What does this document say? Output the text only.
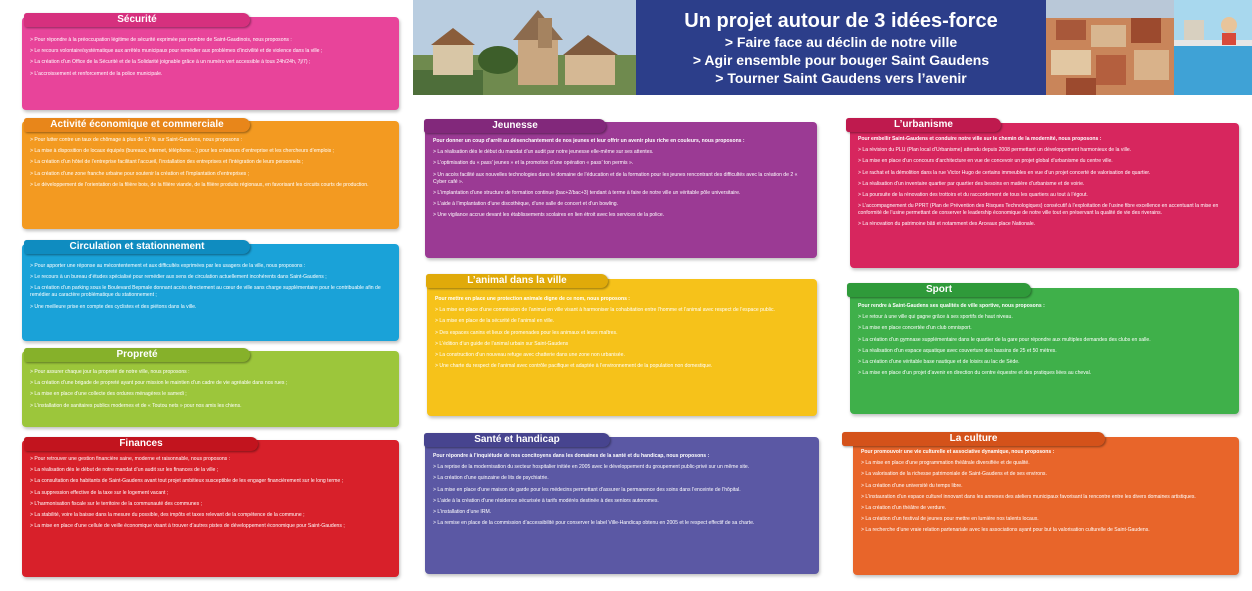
Un projet autour de 3 idées-force
> Faire face au déclin de notre ville
> Agir ensemble pour bouger Saint Gaudens
> Tourner Saint Gaudens vers l’avenir
> Pour répondre à la préoccupation légitime de sécurité exprimée par nombre de Saint-Gaudinois, nous proposons :
> Le recours volontaire/systématique aux arrêtés municipaux pour remédier aux problèmes d’incivilité et de violence dans la ville ;
> La création d’un Office de la Sécurité et de la Solidarité joignable grâce à un numéro vert accessible à tous 24h/24h, 7j/7) ;
> L’accroissement et renforcement de la police municipale.
Sécurité
> Pour lutter contre un taux de chômage à plus de 17 % sur Saint-Gaudens, nous proposons :
> La mise à disposition de locaux équipés (bureaux, internet, téléphone…) pour les créateurs d’entreprise et les chercheurs d’emplois ;
> La création d’un hôtel de l’entreprise facilitant l’accueil, l’installation des entreprises et l’intégration de leurs personnels ;
> La création d’une zone franche urbaine pour soutenir la création et l’implantation d’entreprises ;
> Le développement de l’orientation de la filière bois, de la filière viande, de la filière produits régionaux, en favorisant les circuits courts de production.
Activité économique et commerciale
> Pour apporter une réponse au mécontentement et aux difficultés exprimées par les usagers de la ville, nous proposons :
> Le recours à un bureau d’études spécialisé pour remédier aux sens de circulation actuellement incohérents dans Saint-Gaudens ;
> La création d’un parking sous le Boulevard Bepmale donnant accès directement au cœur de ville sans charge supplémentaire pour le contribuable afin de remédier au caractère problématique du stationnement ;
> Une meilleure prise en compte des cyclistes et des piétons dans la ville.
Circulation et stationnement
> Pour assurer chaque jour la propreté de notre ville, nous proposons :
> La création d’une brigade de propreté ayant pour mission le maintien d’un cadre de vie agréable dans nos rues ;
> La mise en place d’une collecte des ordures ménagères le samedi ;
> L’installation de sanitaires publics modernes et de « Toutou nets » pour nos amis les chiens.
Propreté
> Pour retrouver une gestion financière saine, moderne et raisonnable, nous proposons :
> La réalisation dès le début de notre mandat d’un audit sur les finances de la ville ;
> La consultation des habitants de Saint-Gaudens avant tout projet ambitieux susceptible de les engager financièrement sur le long terme ;
> La suppression effective de la taxe sur le logement vacant ;
> L’harmonisation fiscale sur le territoire de la communauté des communes ;
> La stabilité, voire la baisse dans la mesure du possible, des impôts et taxes relevant de la compétence de la commune ;
> La mise en place d’une cellule de veille économique visant à trouver d’autres pistes de développement économique pour Saint-Gaudens ;
Finances
Pour donner un coup d’arrêt au désenchantement de nos jeunes et leur offrir un avenir plus riche en couleurs, nous proposons :
> La réalisation dès le début du mandat d’un audit par notre jeunesse elle-même sur ses attentes.
> L’optimisation du « pass’ jeunes » et la promotion d’une opération « pass’ ton permis ».
> Un accès facilité aux nouvelles technologies dans le domaine de l’éducation et de la formation pour les jeunes rencontrant des difficultés avec la création de 2 « Cyber café ».
> L’implantation d’une structure de formation continue (bac+2/bac+3) tendant à terme à faire de notre ville un véritable pôle universitaire.
> L’aide à l’implantation d’une discothèque, d’une salle de concert et d’un bowling.
> Une vigilance accrue devant les établissements scolaires en lien étroit avec les services de la police.
Jeunesse
Pour mettre en place une protection animale digne de ce nom, nous proposons :
> La mise en place d’une commission de l’animal en ville visant à harmoniser la cohabitation entre l’homme et l’animal avec respect de l’espace public.
> La mise en place de la sécurité de l’animal en ville.
> Des espaces canins et lieux de promenades pour les animaux et leurs maîtres.
> L’édition d’un guide de l’animal urbain sur Saint-Gaudens
> La construction d’un nouveau refuge avec chatterie dans une zone non urbanisée.
> Une charte du respect de l’animal avec contrôle pacifique et adaptée à l’environnement de la population non domestique.
L’animal dans la ville
Pour répondre à l’inquiétude de nos concitoyens dans les domaines de la santé et du handicap, nous proposons :
> La reprise de la modernisation du secteur hospitalier initiée en 2005 avec le développement du groupement public-privé sur un même site.
> La création d’une quinzaine de lits de psychiatrie.
> La mise en place d’une maison de garde pour les médecins permettant d’assurer la permanence des soins dans l’enceinte de l’hôpital.
> L’aide à la création d’une résidence sécurisée à tarifs modérés destinée à des seniors autonomes.
> L’installation d’une IRM.
> La remise en place de la commission d’accessibilité pour conserver le label Ville-Handicap obtenu en 2005 et le respect effectif de sa charte.
Santé et handicap
Pour embellir Saint-Gaudens et conduire notre ville sur le chemin de la modernité, nous proposons :
> La révision du PLU (Plan local d’Urbanisme) attendu depuis 2008 permettant un développement harmonieux de la ville.
> La mise en place d’un concours d’architecture en vue de concevoir un projet global d’urbanisme du centre ville.
> Le rachat et la démolition dans la rue Victor Hugo de certains immeubles en vue d’un projet concerté de valorisation de quartier.
> La réalisation d’un inventaire quartier par quartier des besoins en matière d’urbanisme et de voirie.
> La poursuite de la rénovation des trottoirs et du raccordement de tous les quartiers au tout à l’égout.
> L’accompagnement du PPRT (Plan de Prévention des Risques Technologiques) consécutif à l’exploitation de l’usine fibre excellence en accentuant la mise en conformité de l’usine permettant de conserver le leadership économique de notre ville tout en préservant la qualité de vie des riverains.
> La rénovation du patrimoine bâti et notamment des Arceaux place Nationale.
L’urbanisme
Pour rendre à Saint-Gaudens ses qualités de ville sportive, nous proposons :
> Le retour à une ville qui gagne grâce à ses sportifs de haut niveau.
> La mise en place concertée d’un club omnisport.
> La création d’un gymnase supplémentaire dans le quartier de la gare pour répondre aux multiples demandes des clubs en salle.
> La réalisation d’un espace aquatique avec couverture des bassins de 25 et 50 mètres.
> La création d’une véritable base nautique et de loisirs au lac de Sède.
> La mise en place d’un projet d’avenir en direction du centre équestre et des pratiques liées au cheval.
Sport
Pour promouvoir une vie culturelle et associative dynamique, nous proposons :
> La mise en place d’une programmation théâtrale diversifiée et de qualité.
> La valorisation de la richesse patrimoniale de Saint-Gaudens et de ses environs.
> La création d’une université du temps libre.
> L’instauration d’un espace culturel innovant dans les annexes des ateliers municipaux favorisant la rencontre entre les divers domaines artistiques.
> La création d’un théâtre de verdure.
> La création d’un festival de jeunes pour mettre en lumière nos talents locaux.
> La recherche d’une vraie relation partenariale avec les associations ayant pour but la valorisation culturelle de Saint-Gaudens.
La culture
